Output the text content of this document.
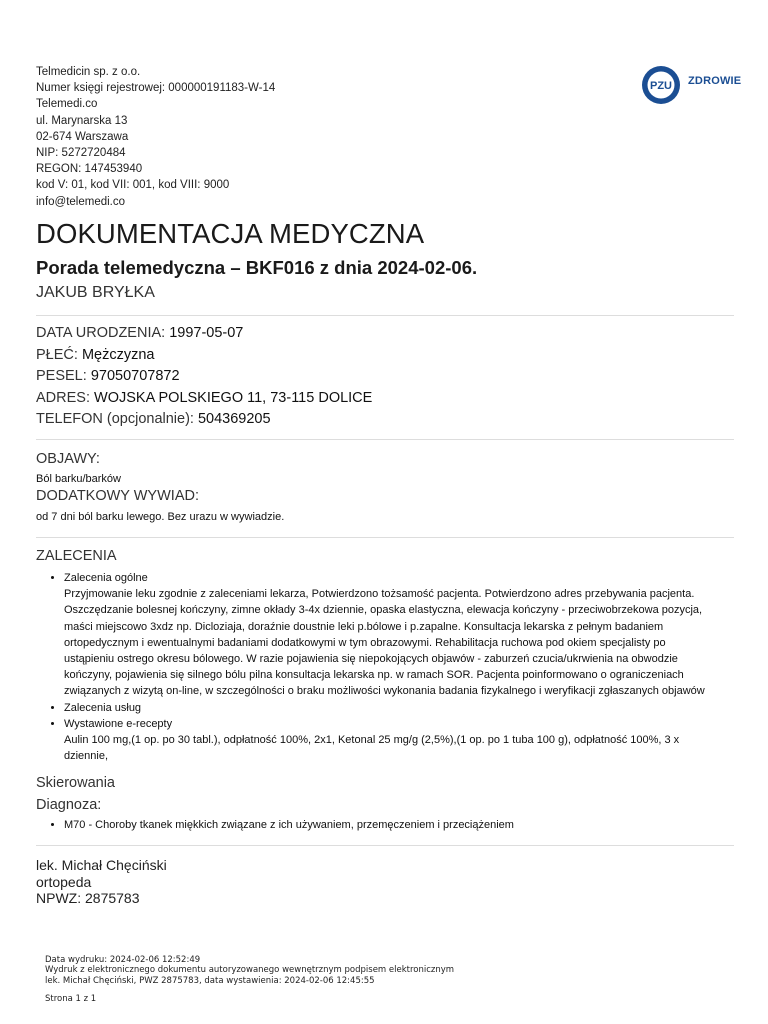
Telmedicin sp. z o.o.
Numer księgi rejestrowej: 000000191183-W-14
Telemedi.co
ul. Marynarska 13
02-674 Warszawa
NIP: 5272720484
REGON: 147453940
kod V: 01, kod VII: 001, kod VIII: 9000
info@telemedi.co
PZU ZDROWIE
DOKUMENTACJA MEDYCZNA
Porada telemedyczna – BKF016 z dnia 2024-02-06.
JAKUB BRYŁKA
DATA URODZENIA: 1997-05-07
PŁEĆ: Mężczyzna
PESEL: 97050707872
ADRES: WOJSKA POLSKIEGO 11, 73-115 DOLICE
TELEFON (opcjonalnie): 504369205
OBJAWY:
Ból barku/barków
DODATKOWY WYWIAD:
od 7 dni ból barku lewego. Bez urazu w wywiadzie.
ZALECENIA

• Zalecenia ogólne

Przyjmowanie leku zgodnie z zaleceniami lekarza, Potwierdzono tożsamość pacjenta. Potwierdzono adres przebywania pacjenta.

Oszczędzanie bolesnej kończyny, zimne okłady 3-4x dziennie, opaska elastyczna, elewacja kończyny - przeciwobrzekowa pozycja,

maści miejscowo 3xdz np. Dicloziaja, doraźnie doustnie leki p.bólowe i p.zapalne. Konsultacja lekarska z pełnym badaniem

ortopedycznym i ewentualnymi badaniami dodatkowymi w tym obrazowymi. Rehabilitacja ruchowa pod okiem specjalisty po

ustąpieniu ostrego okresu bólowego. W razie pojawienia się niepokojących objawów - zaburzeń czucia/ukrwienia na obwodzie

kończyny, pojawienia się silnego bólu pilna konsultacja lekarska np. w ramach SOR. Pacjenta poinformowano o ograniczeniach

związanych z wizytą on-line, w szczególności o braku możliwości wykonania badania fizykalnego i weryfikacji zgłaszanych objawów

• Zalecenia usług

• Wystawione e-recepty

Aulin 100 mg,(1 op. po 30 tabl.), odpłatność 100%, 2x1, Ketonal 25 mg/g (2,5%),(1 op. po 1 tuba 100 g), odpłatność 100%, 3 x

dziennie,

Skierowania
Diagnoza:
• M70 - Choroby tkanek miękkich związane z ich używaniem, przemęczeniem i przeciążeniem
lek. Michał Chęciński
ortopeda
NPWZ: 2875783
Data wydruku: 2024-02-06 12:52:49
Wydruk z elektronicznego dokumentu autoryzowanego wewnętrznym podpisem elektronicznym
lek. Michał Chęciński, PWZ 2875783, data wystawienia: 2024-02-06 12:45:55
Strona 1 z 1
